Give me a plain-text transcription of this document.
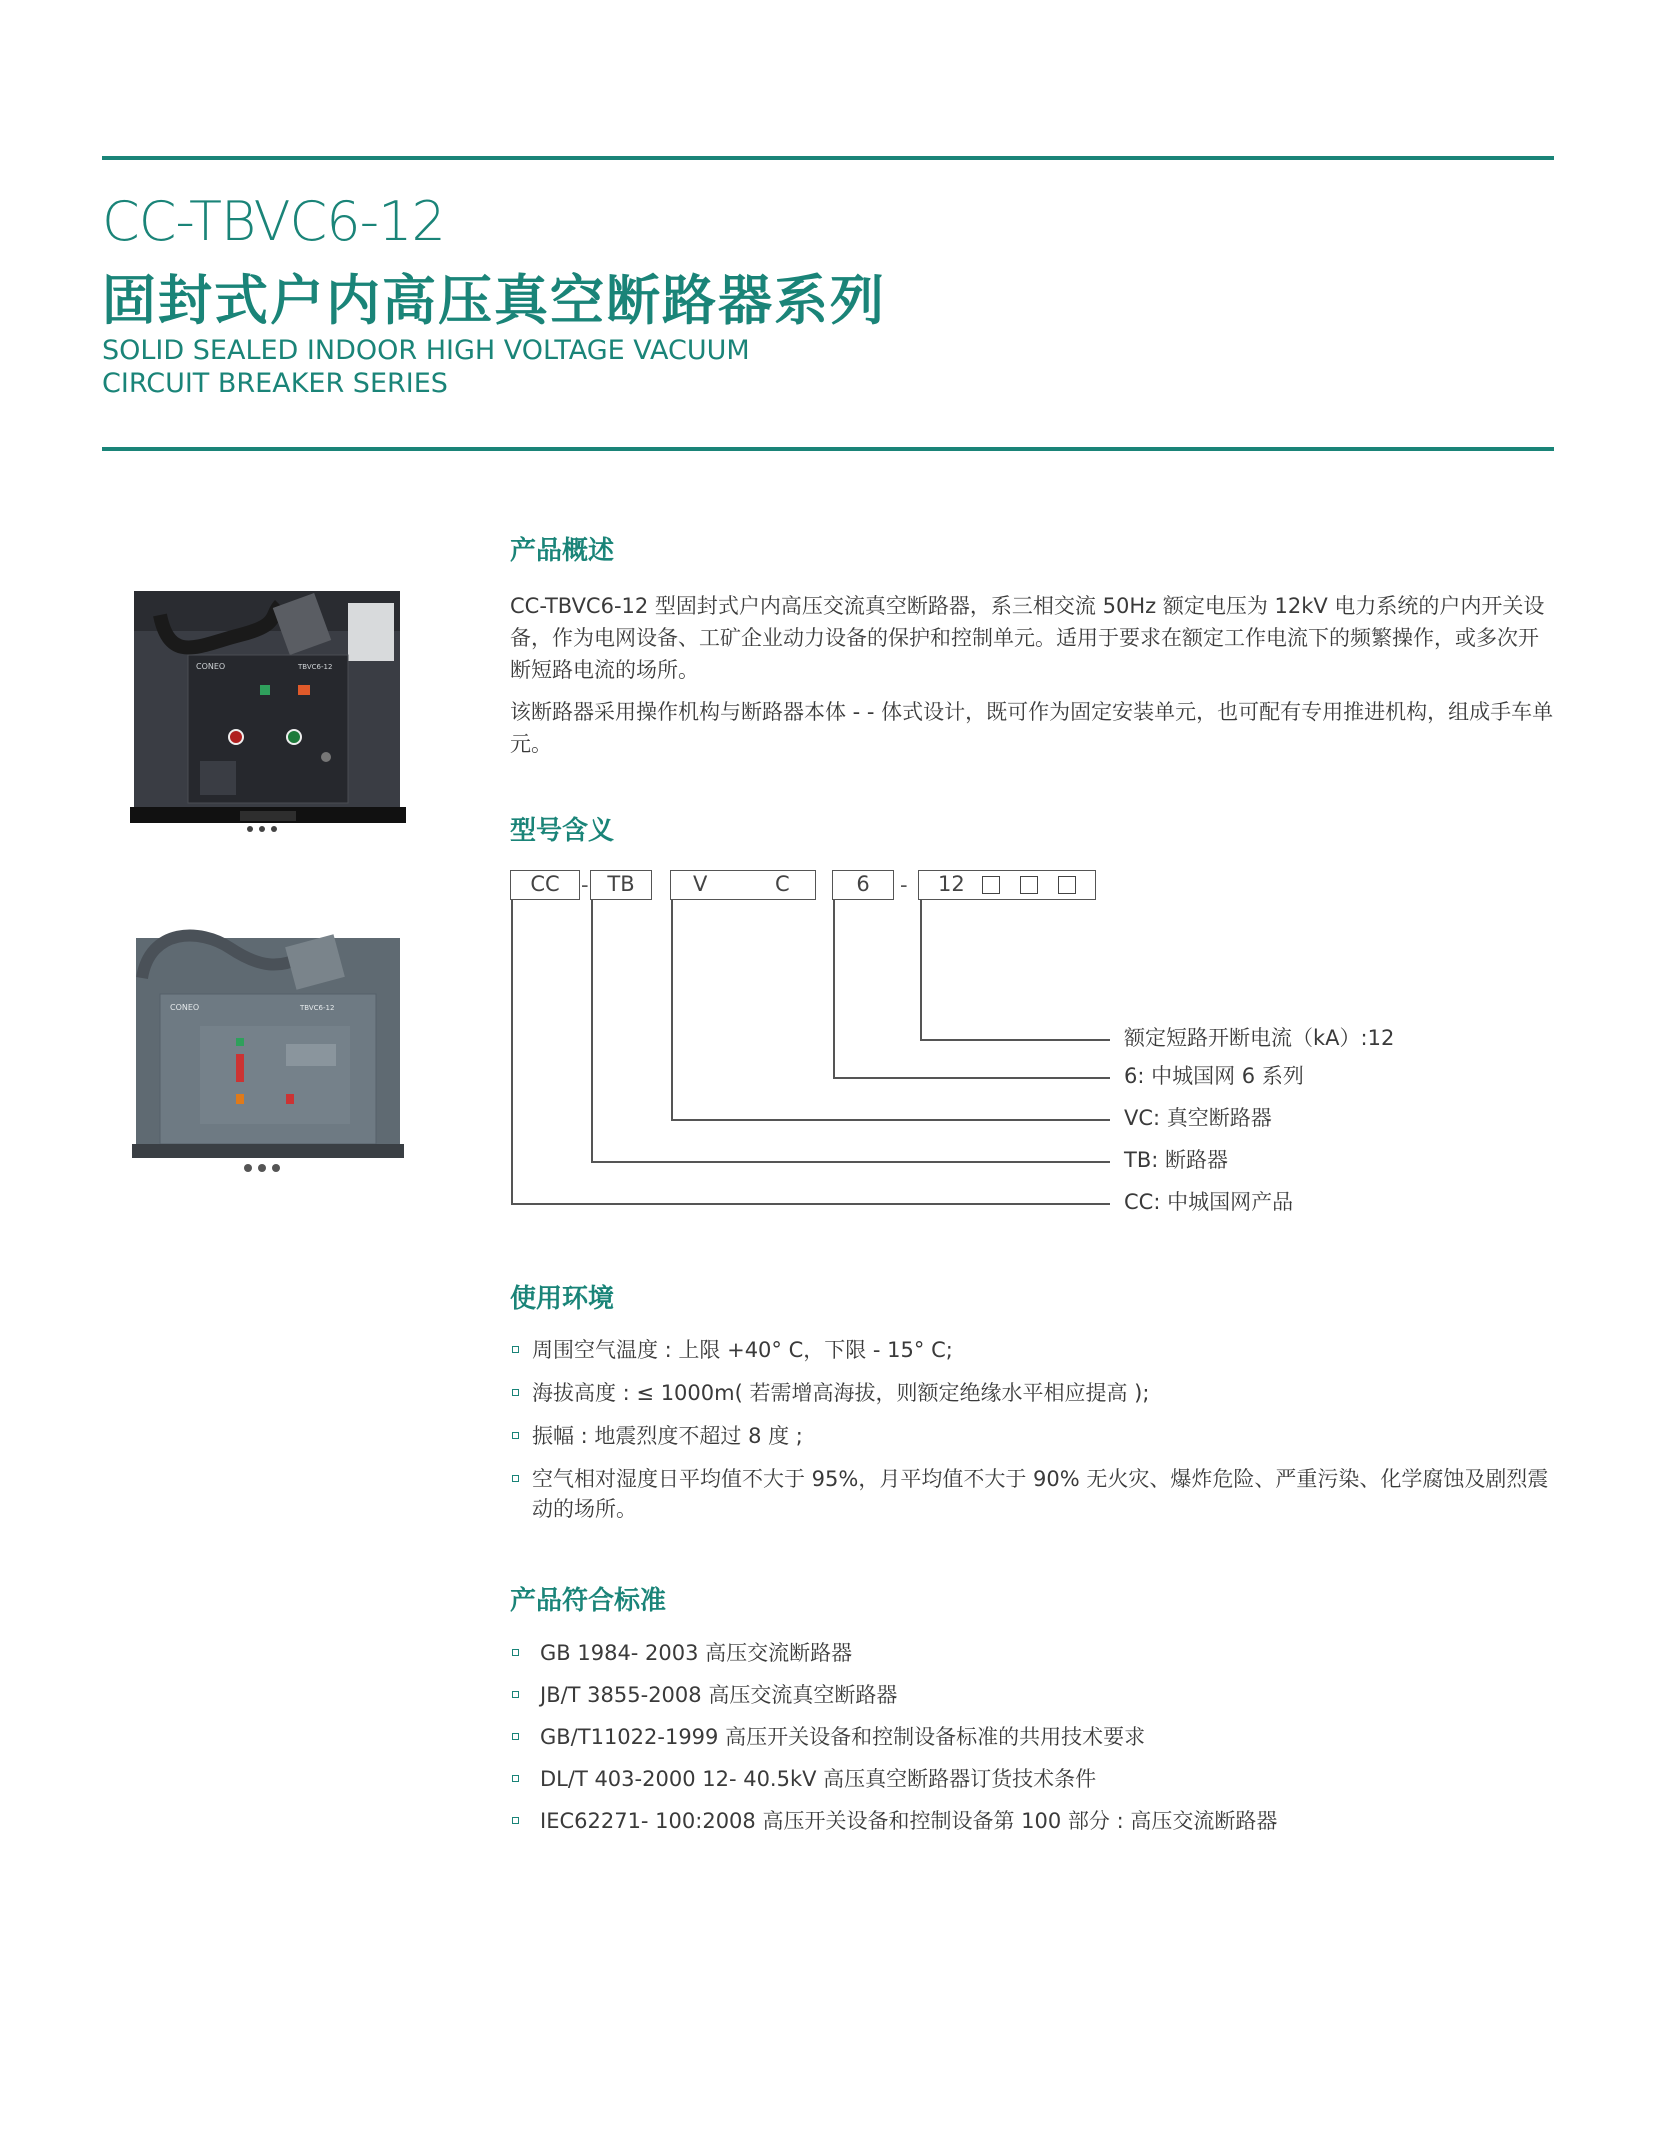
CC-TBVC6-12
固封式户内高压真空断路器系列
SOLID SEALED INDOOR HIGH VOLTAGE VACUUM
CIRCUIT BREAKER SERIES
CONEO	TBVC6-12
CONEO	TBVC6-12
产品概述

CC-TBVC6-12 型固封式户内高压交流真空断路器，系三相交流 50Hz 额定电压为 12kV 电力系统的户内开关设备，作为电网设备、工矿企业动力设备的保护和控制单元。适用于要求在额定工作电流下的频繁操作，或多次开断短路电流的场所。

该断路器采用操作机构与断路器本体 - - 体式设计，既可作为固定安装单元，也可配有专用推进机构，组成手车单元。

型号含义
CC	- TB	V	C	6	- 12
额定短路开断电流（kA）:12
6: 中城国网 6 系列
VC: 真空断路器
TB: 断路器
CC: 中城国网产品
使用环境
周围空气温度 : 上限 +40° C，下限 - 15° C;
海拔高度 : ≤ 1000m( 若需增高海拔，则额定绝缘水平相应提高 );
振幅 : 地震烈度不超过 8 度 ;
空气相对湿度日平均值不大于 95%，月平均值不大于 90% 无火灾、爆炸危险、严重污染、化学腐蚀及剧烈震动的场所。
产品符合标准
GB 1984- 2003 高压交流断路器
JB/T 3855-2008 高压交流真空断路器
GB/T11022-1999 高压开关设备和控制设备标准的共用技术要求
DL/T 403-2000 12- 40.5kV 高压真空断路器订货技术条件
IEC62271- 100:2008 高压开关设备和控制设备第 100 部分 : 高压交流断路器
